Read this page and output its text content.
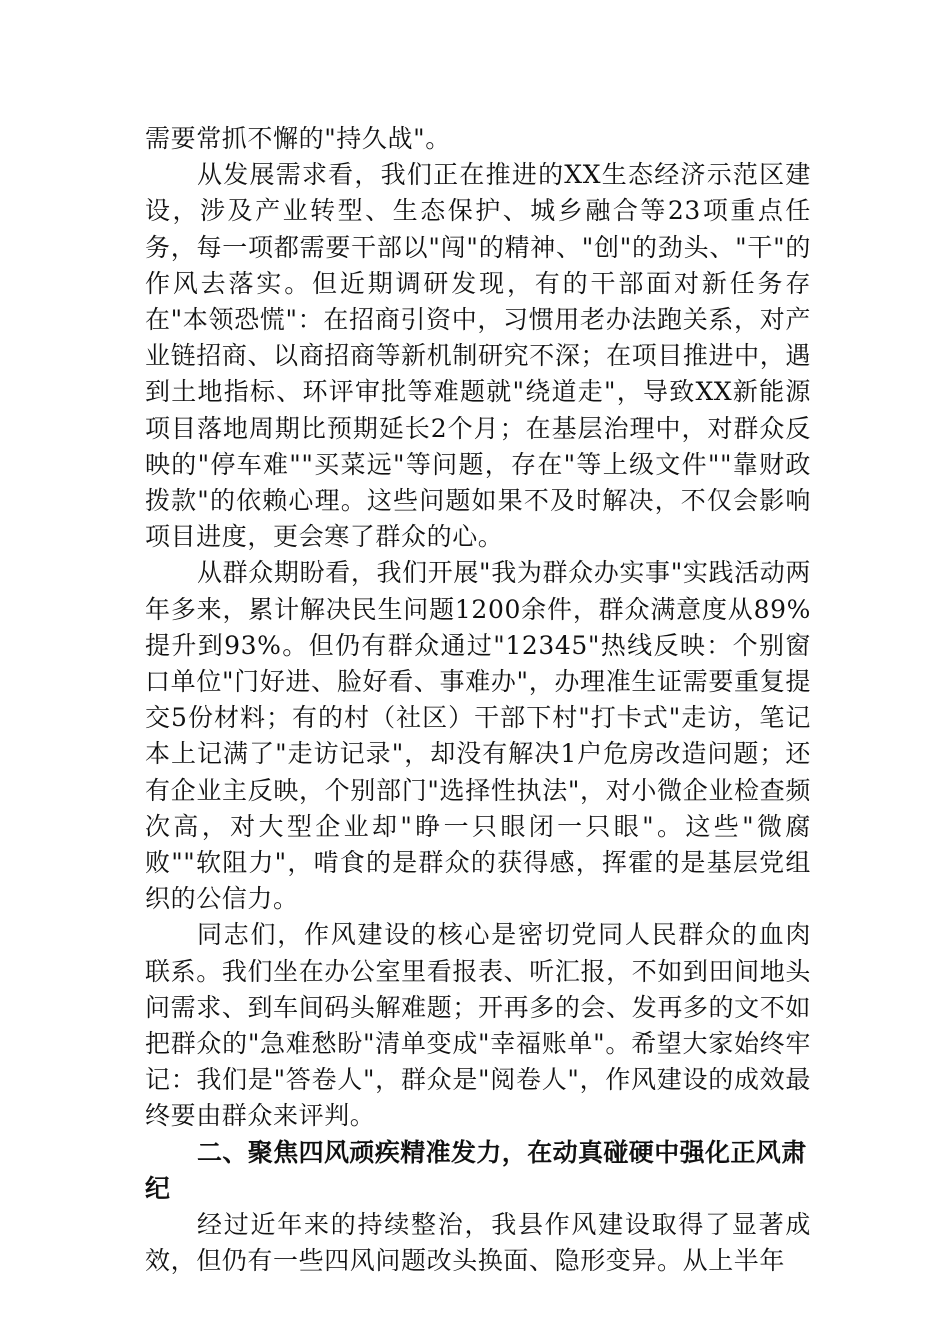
需要常抓不懈的"持久战"。

从发展需求看，我们正在推进的XX生态经济示范区建设，涉及产业转型、生态保护、城乡融合等23项重点任务，每一项都需要干部以"闯"的精神、"创"的劲头、"干"的作风去落实。但近期调研发现，有的干部面对新任务存在"本领恐慌"：在招商引资中，习惯用老办法跑关系，对产业链招商、以商招商等新机制研究不深；在项目推进中，遇到土地指标、环评审批等难题就"绕道走"，导致XX新能源项目落地周期比预期延长2个月；在基层治理中，对群众反映的"停车难""买菜远"等问题，存在"等上级文件""靠财政拨款"的依赖心理。这些问题如果不及时解决，不仅会影响项目进度，更会寒了群众的心。

从群众期盼看，我们开展"我为群众办实事"实践活动两年多来，累计解决民生问题1200余件，群众满意度从89%提升到93%。但仍有群众通过"12345"热线反映：个别窗口单位"门好进、脸好看、事难办"，办理准生证需要重复提交5份材料；有的村（社区）干部下村"打卡式"走访，笔记本上记满了"走访记录"，却没有解决1户危房改造问题；还有企业主反映，个别部门"选择性执法"，对小微企业检查频次高，对大型企业却"睁一只眼闭一只眼"。这些"微腐败""软阻力"，啃食的是群众的获得感，挥霍的是基层党组织的公信力。

同志们，作风建设的核心是密切党同人民群众的血肉联系。我们坐在办公室里看报表、听汇报，不如到田间地头问需求、到车间码头解难题；开再多的会、发再多的文不如把群众的"急难愁盼"清单变成"幸福账单"。希望大家始终牢记：我们是"答卷人"，群众是"阅卷人"，作风建设的成效最终要由群众来评判。

二、聚焦四风顽疾精准发力，在动真碰硬中强化正风肃纪

经过近年来的持续整治，我县作风建设取得了显著成效，但仍有一些四风问题改头换面、隐形变异。从上半年
